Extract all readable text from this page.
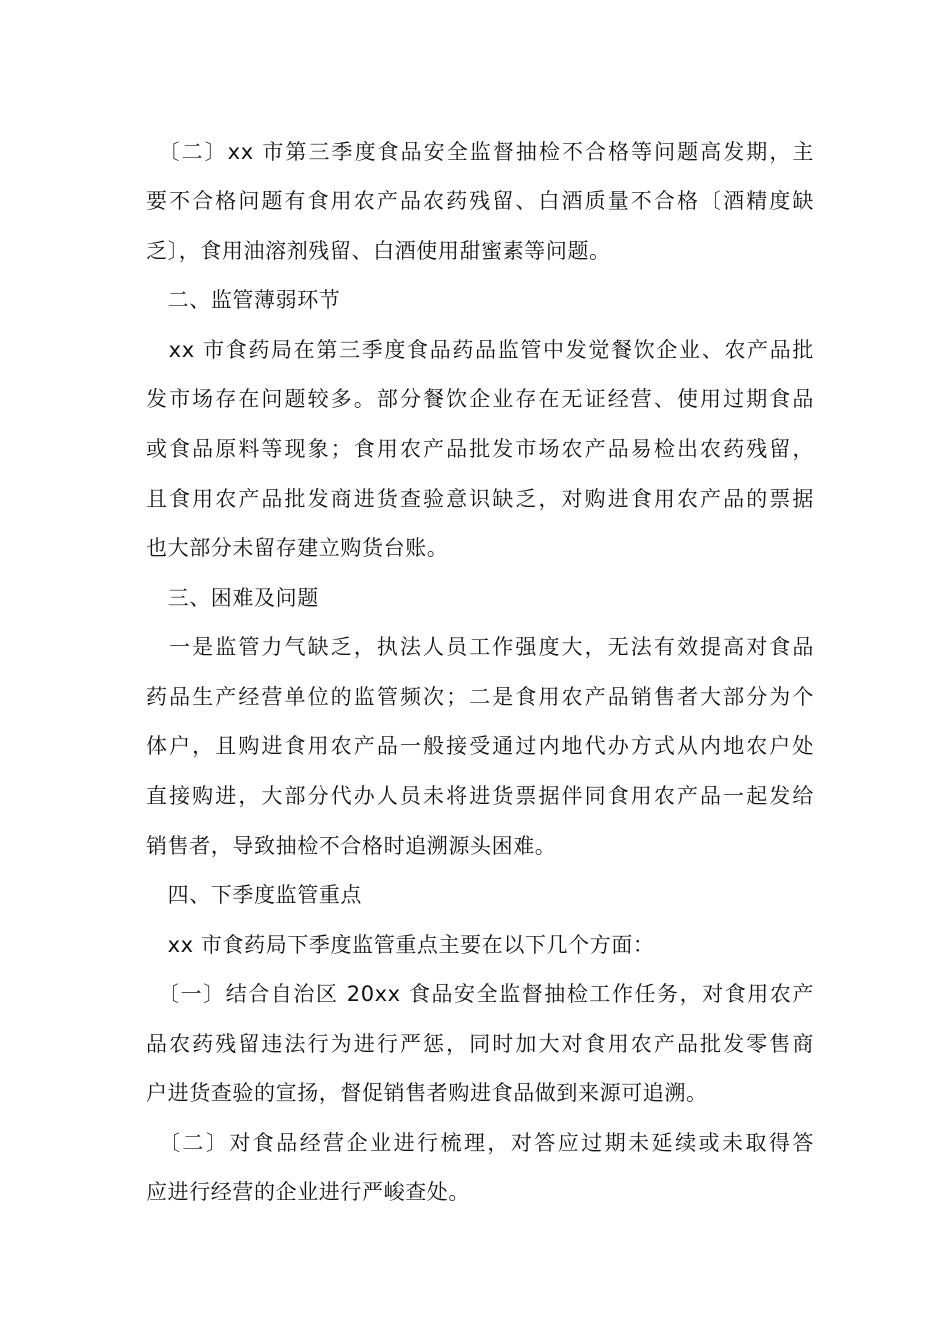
　〔二〕xx 市第三季度食品安全监督抽检不合格等问题高发期，主
要不合格问题有食用农产品农药残留、白酒质量不合格〔酒精度缺
乏〕，食用油溶剂残留、白酒使用甜蜜素等问题。
　二、监管薄弱环节
　xx 市食药局在第三季度食品药品监管中发觉餐饮企业、农产品批
发市场存在问题较多。部分餐饮企业存在无证经营、使用过期食品
或食品原料等现象；食用农产品批发市场农产品易检出农药残留，
且食用农产品批发商进货查验意识缺乏，对购进食用农产品的票据
也大部分未留存建立购货台账。
　三、困难及问题
　一是监管力气缺乏，执法人员工作强度大，无法有效提高对食品
药品生产经营单位的监管频次；二是食用农产品销售者大部分为个
体户，且购进食用农产品一般接受通过内地代办方式从内地农户处
直接购进，大部分代办人员未将进货票据伴同食用农产品一起发给
销售者，导致抽检不合格时追溯源头困难。
　四、下季度监管重点
　xx 市食药局下季度监管重点主要在以下几个方面：
　〔一〕结合自治区 20xx 食品安全监督抽检工作任务，对食用农产
品农药残留违法行为进行严惩，同时加大对食用农产品批发零售商
户进货查验的宣扬，督促销售者购进食品做到来源可追溯。
　〔二〕对食品经营企业进行梳理，对答应过期未延续或未取得答
应进行经营的企业进行严峻查处。
